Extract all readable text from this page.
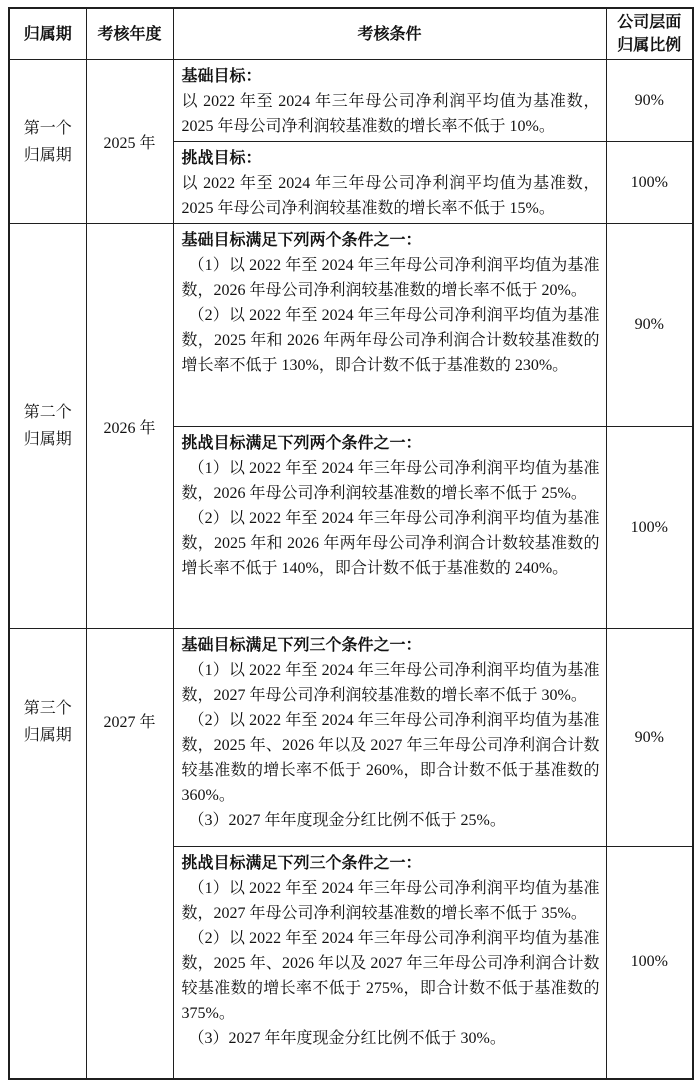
归属期	考核年度	考核条件	公司层面归属比例

第一个归属期	2025 年	基础目标：

以 2022 年至 2024 年三年母公司净利润平均值为基准数，2025 年母公司净利润较基准数的增长率不低于 10%。	90%

		挑战目标：

以 2022 年至 2024 年三年母公司净利润平均值为基准数，2025 年母公司净利润较基准数的增长率不低于 15%。	100%

第二个归属期	2026 年	基础目标满足下列两个条件之一：

（1）以 2022 年至 2024 年三年母公司净利润平均值为基准数，2026 年母公司净利润较基准数的增长率不低于 20%。

（2）以 2022 年至 2024 年三年母公司净利润平均值为基准数，2025 年和 2026 年两年母公司净利润合计数较基准数的增长率不低于 130%，即合计数不低于基准数的 230%。	90%

		挑战目标满足下列两个条件之一：

（1）以 2022 年至 2024 年三年母公司净利润平均值为基准数，2026 年母公司净利润较基准数的增长率不低于 25%。

（2）以 2022 年至 2024 年三年母公司净利润平均值为基准数，2025 年和 2026 年两年母公司净利润合计数较基准数的增长率不低于 140%，即合计数不低于基准数的 240%。	100%

第三个归属期	2027 年	基础目标满足下列三个条件之一：

（1）以 2022 年至 2024 年三年母公司净利润平均值为基准数，2027 年母公司净利润较基准数的增长率不低于 30%。

（2）以 2022 年至 2024 年三年母公司净利润平均值为基准数，2025 年、2026 年以及 2027 年三年母公司净利润合计数较基准数的增长率不低于 260%，即合计数不低于基准数的 360%。

（3）2027 年年度现金分红比例不低于 25%。	90%

		挑战目标满足下列三个条件之一：

（1）以 2022 年至 2024 年三年母公司净利润平均值为基准数，2027 年母公司净利润较基准数的增长率不低于 35%。

（2）以 2022 年至 2024 年三年母公司净利润平均值为基准数，2025 年、2026 年以及 2027 年三年母公司净利润合计数较基准数的增长率不低于 275%，即合计数不低于基准数的 375%。

（3）2027 年年度现金分红比例不低于 30%。	100%
